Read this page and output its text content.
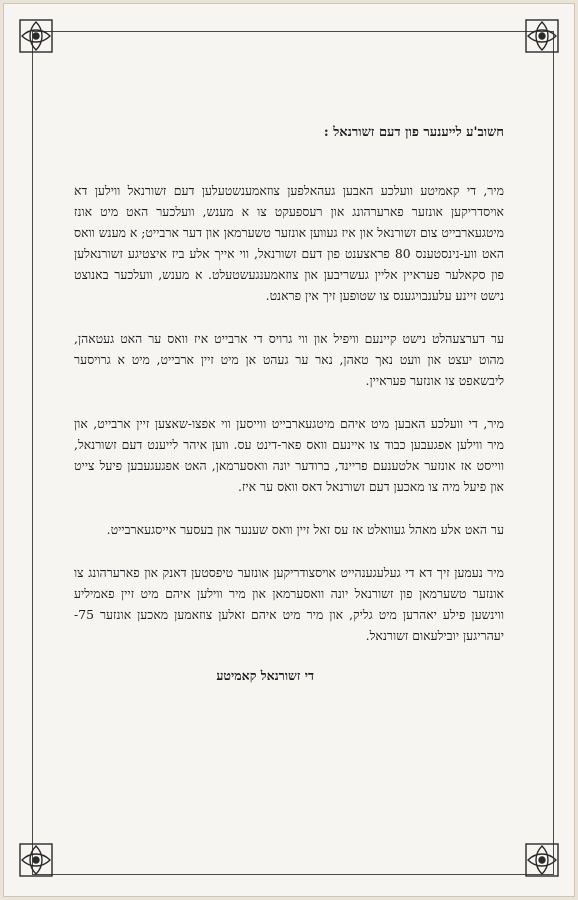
חשוב'ע לייענער פון דעם זשורנאל :

מיר, די קאמיטע וועלכע האבען געהאלפען צוזאמענשטעלען דעם זשורנאל ווילען דא אויסדריקען אונזער פארערהונג און רעספעקט צו א מענש, וועלכער האט מיט אונז מיטגעארבייט צום זשורנאל און איז געווען אונזער טשערמאן און דער ארבייט; א מענש וואס האט ווע-נינסטענס 80 פראצענט פון דעם זשורנאל, ווי אייך אלע ביז איצטיגע זשורנאלען פון סקאלער פעראיין אליין געשריבען און צוזאמענגעשטעלט. א מענש, וועלכער באנוצט נישט זיינע עלענבויגענס צו שטופען זיך אין פראנט.

ער דערצעהלט נישט קיינעם וויפיל און ווי גרויס די ארבייט איז וואס ער האט געטאהן, מהוט יעצט און וועט נאך טאהן, נאר ער געהט אן מיט זיין ארבייט, מיט א גרויסער ליבשאפט צו אונזער פעראיין.

מיר, די וועלכע האבען מיט איהם מיטגעארבייט ווייסען ווי אפצו-שאצען זיין ארבייט, און מיר ווילען אפגעבען כבוד צו איינעם וואס פאר-דינט עס. ווען איהר לייענט דעם זשורנאל, ווייסט אז אונזער אלטענעם פריינד, ברודער יונה וואסערמאן, האט אפגעגעבען פיעל צייט און פיעל מיה צו מאכען דעם זשורנאל דאס וואס ער איז.

ער האט אלע מאהל געוואלט אז עס זאל זיין וואס שענער און בעסער אייסגעארבייט.

מיר נעמען זיך דא די געלעגענהייט אויסצודריקען אונזער טיפסטען דאנק און פארערהונג צו אונזער טשערמאן פון זשורנאל יונה וואסערמאן און מיר ווילען איהם מיט זיין פאמיליע ווינשען פילע יאהרען מיט גליק, און מיר מיט איהם זאלען צוזאמען מאכען אונזער 75-יעהריגען יובילעאום זשורנאל.

די זשורנאל קאמיטע
